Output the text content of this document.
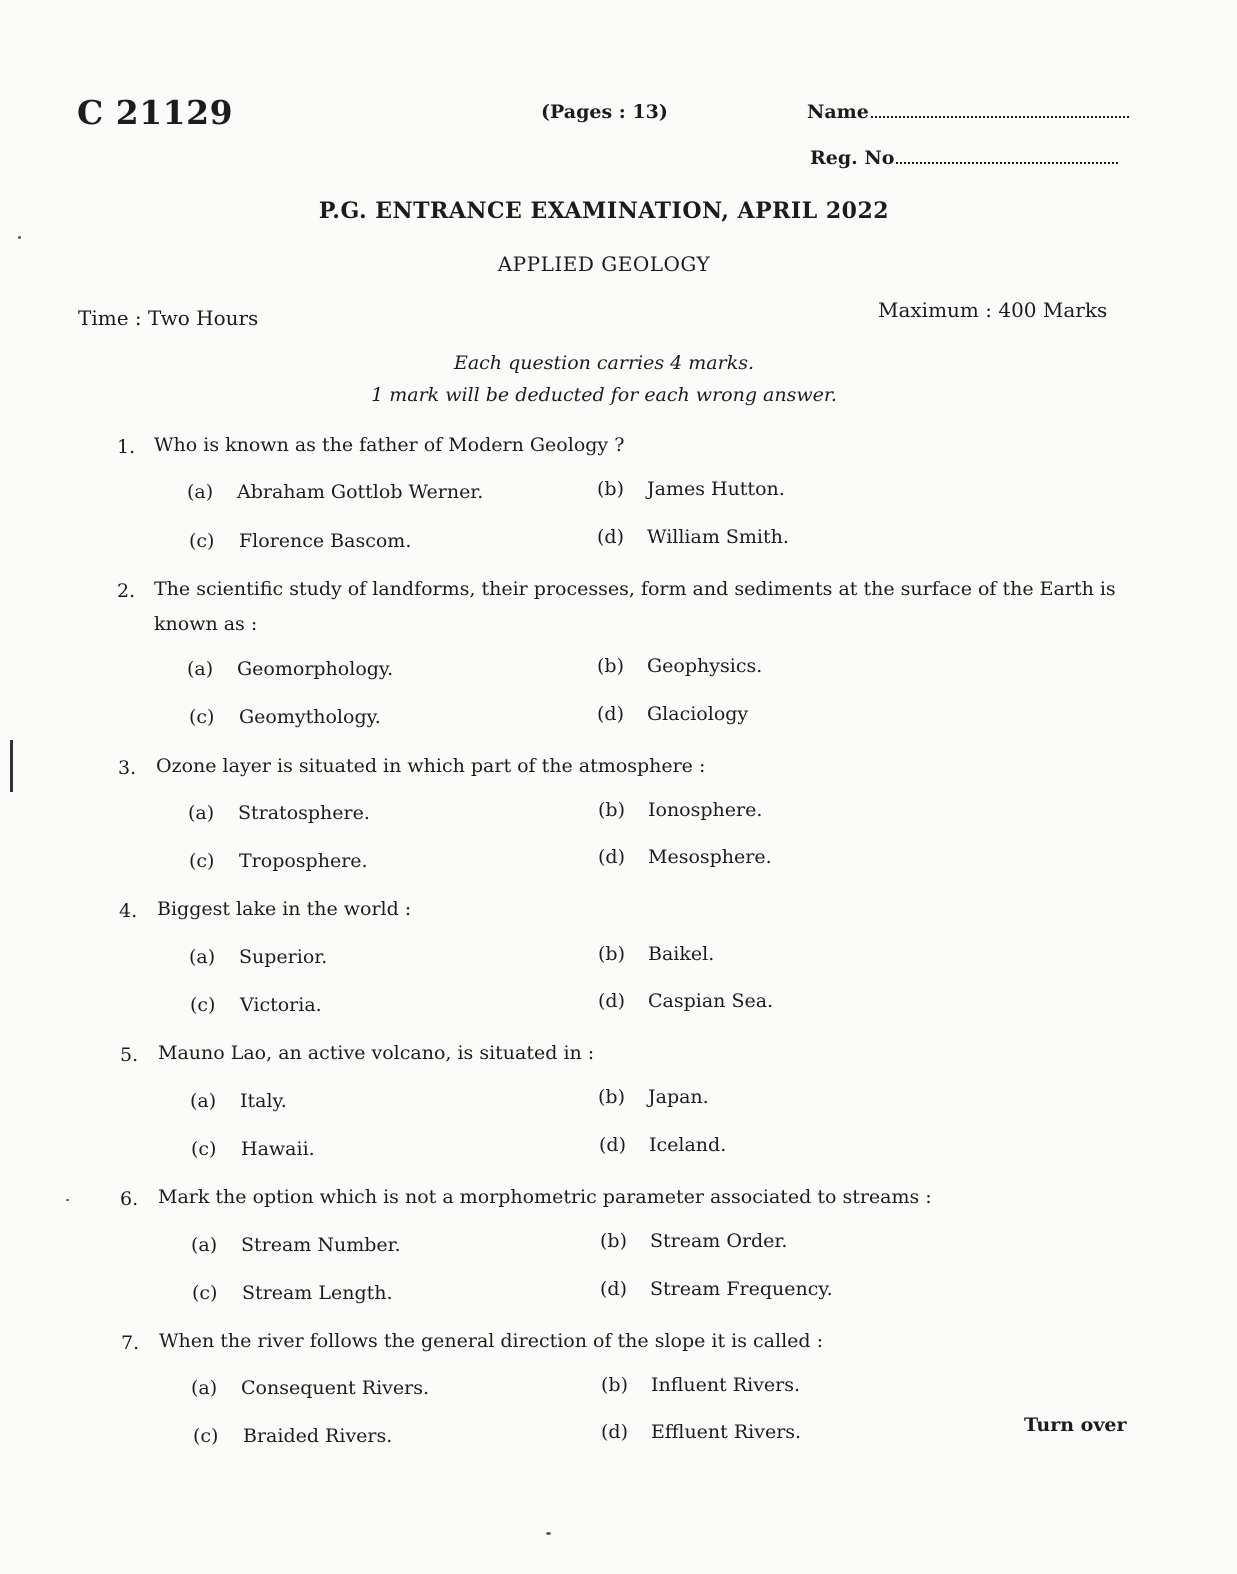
C 21129	(Pages : 13)	Name
Reg. No
P.G. ENTRANCE EXAMINATION, APRIL 2022
APPLIED GEOLOGY
Time : Two Hours	Maximum : 400 Marks
Each question carries 4 marks.
1 mark will be deducted for each wrong answer.
1. Who is known as the father of Modern Geology ?
(a) Abraham Gottlob Werner.	(b) James Hutton.
(c) Florence Bascom.	(d) William Smith.
2. The scientific study of landforms, their processes, form and sediments at the surface of the Earth is known as :
(a) Geomorphology.	(b) Geophysics.
(c) Geomythology.	(d) Glaciology
3. Ozone layer is situated in which part of the atmosphere :
(a) Stratosphere.	(b) Ionosphere.
(c) Troposphere.	(d) Mesosphere.
4. Biggest lake in the world :
(a) Superior.	(b) Baikel.
(c) Victoria.	(d) Caspian Sea.
5. Mauno Lao, an active volcano, is situated in :
(a) Italy.	(b) Japan.
(c) Hawaii.	(d) Iceland.
6. Mark the option which is not a morphometric parameter associated to streams :
(a) Stream Number.	(b) Stream Order.
(c) Stream Length.	(d) Stream Frequency.
7. When the river follows the general direction of the slope it is called :
(a) Consequent Rivers.	(b) Influent Rivers.
(c) Braided Rivers.	(d) Effluent Rivers.	Turn over
